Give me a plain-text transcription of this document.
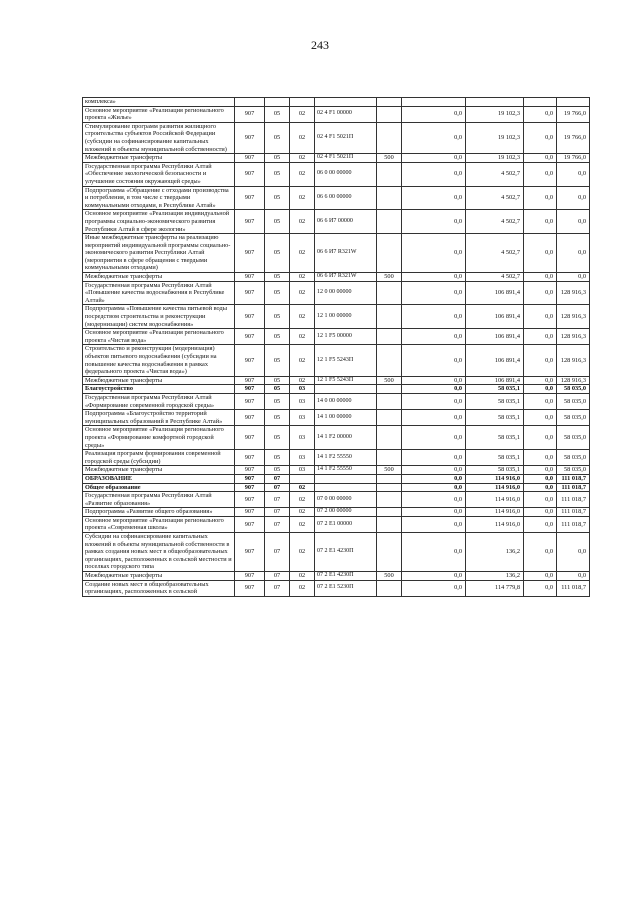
243
комплекса»									
Основное мероприятие «Реализация регионального проекта «Жилье»	907	05	02	02 4 F1 00000		0,0	19 102,3	0,0	19 766,0
Стимулирование программ развития жилищного строительства субъектов Российской Федерации (субсидии на софинансирование капитальных вложений в объекты муниципальной собственности)	907	05	02	02 4 F1 5021П		0,0	19 102,3	0,0	19 766,0
Межбюджетные трансферты	907	05	02	02 4 F1 5021П	500	0,0	19 102,3	0,0	19 766,0
Государственная программа Республики Алтай «Обеспечение экологической безопасности и улучшение состояния окружающей среды»	907	05	02	06 0 00 00000		0,0	4 502,7	0,0	0,0
Подпрограмма «Обращение с отходами производства и потребления, в том числе с твердыми коммунальными отходами, в Республике Алтай»	907	05	02	06 6 00 00000		0,0	4 502,7	0,0	0,0
Основное мероприятие «Реализация индивидуальной программы социально-экономического развития Республики Алтай в сфере экологии»	907	05	02	06 6 И7 00000		0,0	4 502,7	0,0	0,0
Иные межбюджетные трансферты на реализацию мероприятий индивидуальной программы социально-экономического развития Республики Алтай (мероприятия в сфере обращения с твердыми коммунальными отходами)	907	05	02	06 6 И7 R321W		0,0	4 502,7	0,0	0,0
Межбюджетные трансферты	907	05	02	06 6 И7 R321W	500	0,0	4 502,7	0,0	0,0
Государственная программа Республики Алтай «Повышение качества водоснабжения в Республике Алтай»	907	05	02	12 0 00 00000		0,0	106 891,4	0,0	128 916,3
Подпрограмма «Повышение качества питьевой воды посредством строительства и реконструкции (модернизации) систем водоснабжения»	907	05	02	12 1 00 00000		0,0	106 891,4	0,0	128 916,3
Основное мероприятие «Реализация регионального проекта «Чистая вода»	907	05	02	12 1 F5 00000		0,0	106 891,4	0,0	128 916,3
Строительство и реконструкция (модернизация) объектов питьевого водоснабжения (субсидии на повышение качества водоснабжения в рамках федерального проекта «Чистая вода»)	907	05	02	12 1 F5 5243П		0,0	106 891,4	0,0	128 916,3
Межбюджетные трансферты	907	05	02	12 1 F5 5243П	500	0,0	106 891,4	0,0	128 916,3
Благоустройство	907	05	03			0,0	58 035,1	0,0	58 035,0
Государственная программа Республики Алтай «Формирование современной городской среды»	907	05	03	14 0 00 00000		0,0	58 035,1	0,0	58 035,0
Подпрограмма «Благоустройство территорий муниципальных образований в Республике Алтай»	907	05	03	14 1 00 00000		0,0	58 035,1	0,0	58 035,0
Основное мероприятие «Реализация регионального проекта «Формирование комфортной городской среды»	907	05	03	14 1 F2 00000		0,0	58 035,1	0,0	58 035,0
Реализация программ формирования современной городской среды (субсидии)	907	05	03	14 1 F2 55550		0,0	58 035,1	0,0	58 035,0
Межбюджетные трансферты	907	05	03	14 1 F2 55550	500	0,0	58 035,1	0,0	58 035,0
ОБРАЗОВАНИЕ	907	07				0,0	114 916,0	0,0	111 018,7
Общее образование	907	07	02			0,0	114 916,0	0,0	111 018,7
Государственная программа Республики Алтай «Развитие образования»	907	07	02	07 0 00 00000		0,0	114 916,0	0,0	111 018,7
Подпрограмма «Развитие общего образования»	907	07	02	07 2 00 00000		0,0	114 916,0	0,0	111 018,7
Основное мероприятие «Реализация регионального проекта «Современная школа»	907	07	02	07 2 E1 00000		0,0	114 916,0	0,0	111 018,7
Субсидии на софинансирование капитальных вложений в объекты муниципальной собственности в рамках создания новых мест в общеобразовательных организациях, расположенных в сельской местности и поселках городского типа	907	07	02	07 2 E1 4230П		0,0	136,2	0,0	0,0
Межбюджетные трансферты	907	07	02	07 2 E1 4230П	500	0,0	136,2	0,0	0,0
Создание новых мест в общеобразовательных организациях, расположенных в сельской	907	07	02	07 2 E1 5230П		0,0	114 779,8	0,0	111 018,7
